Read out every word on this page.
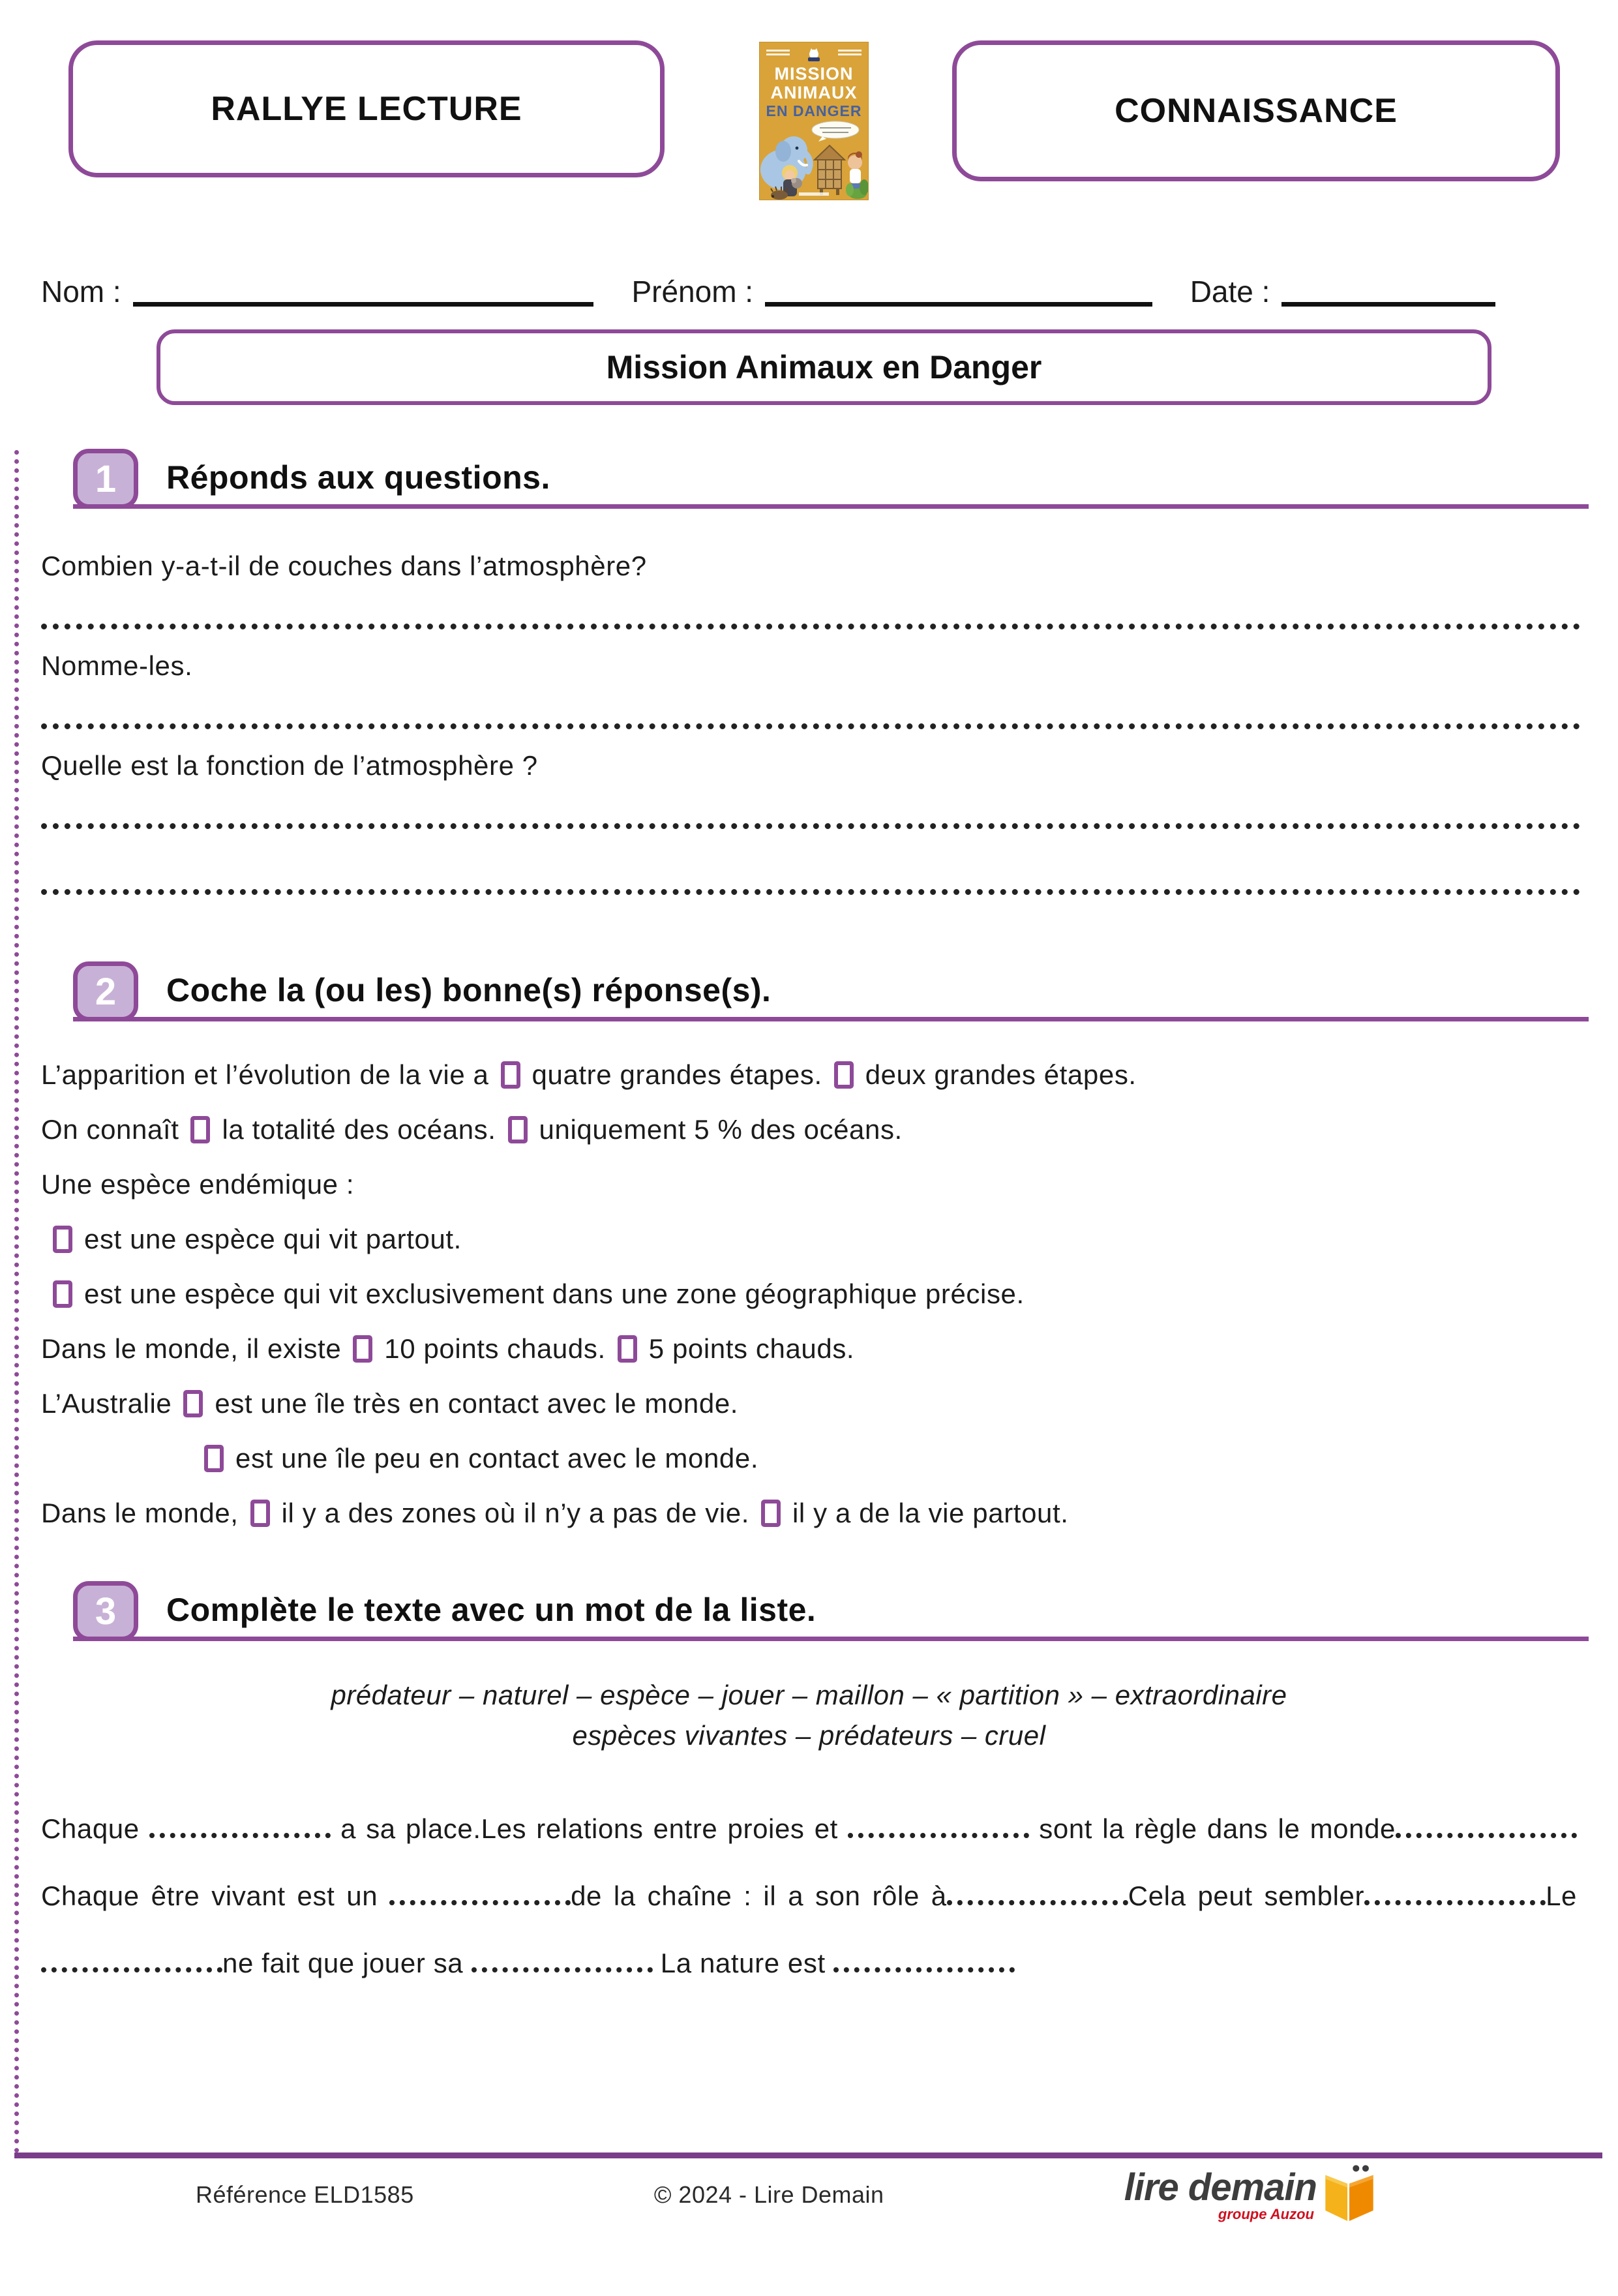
RALLYE LECTURE
MISSION
ANIMAUX
EN DANGER	CONNAISSANCE
Nom :	Prénom :	Date :
Mission Animaux en Danger
1	Réponds aux questions.
Combien y-a-t-il de couches dans l’atmosphère?
Nomme-les.
Quelle est la fonction de l’atmosphère ?
2	Coche la (ou les) bonne(s) réponse(s).
L’apparition et l’évolution de la vie a quatre grandes étapes. deux grandes étapes.
On connaît la totalité des océans. uniquement 5 % des océans.
Une espèce endémique :
est une espèce qui vit partout.
est une espèce qui vit exclusivement dans une zone géographique précise.
Dans le monde, il existe 10 points chauds. 5 points chauds.
L’Australie est une île très en contact avec le monde.
est une île peu en contact avec le monde.
Dans le monde, il y a des zones où il n’y a pas de vie. il y a de la vie partout.
3	Complète le texte avec un mot de la liste.
prédateur – naturel – espèce – jouer – maillon – « partition » – extraordinaire
espèces vivantes – prédateurs – cruel
Chaque	a sa place.Les relations entre proies et	sont la règle dans le mondeChaque être vivant est un	de la chaîne : il a son rôle à	Cela peut sembler	Lene fait que jouer sa	La nature est
Référence ELD1585	© 2024 - Lire Demain	lire demain
groupe Auzou
